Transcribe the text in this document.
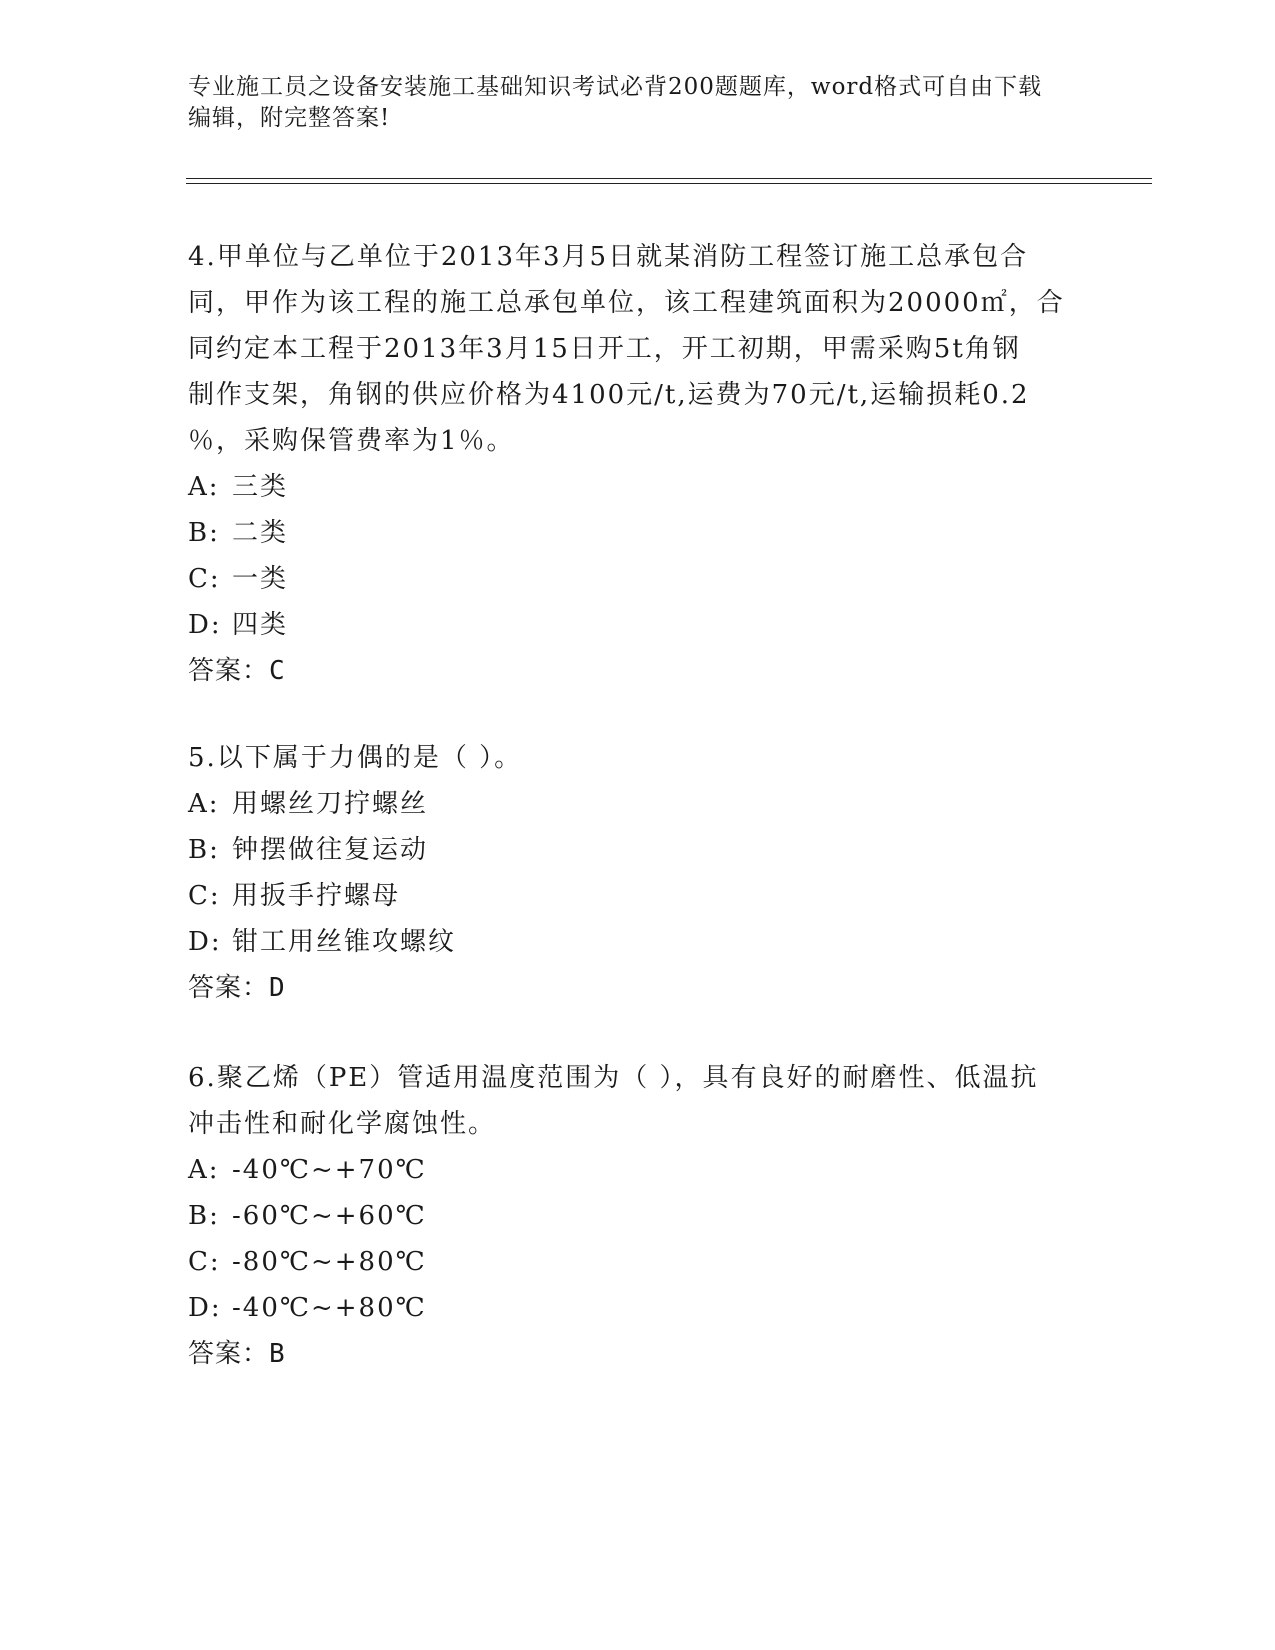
专业施工员之设备安装施工基础知识考试必背200题题库，word格式可自由下载
编辑，附完整答案!

4.甲单位与乙单位于2013年3月5日就某消防工程签订施工总承包合

同，甲作为该工程的施工总承包单位，该工程建筑面积为20000㎡，合

同约定本工程于2013年3月15日开工，开工初期，甲需采购5t角钢

制作支架，角钢的供应价格为4100元/t,运费为70元/t,运输损耗0.2

％，采购保管费率为1％。

A: 三类

B: 二类

C: 一类

D: 四类

答案：C

5.以下属于力偶的是（ ）。

A: 用螺丝刀拧螺丝

B: 钟摆做往复运动

C: 用扳手拧螺母

D: 钳工用丝锥攻螺纹

答案：D

6.聚乙烯（PE）管适用温度范围为（ ），具有良好的耐磨性、低温抗

冲击性和耐化学腐蚀性。

A: -40℃~+70℃

B: -60℃~+60℃

C: -80℃~+80℃

D: -40℃~+80℃

答案：B
